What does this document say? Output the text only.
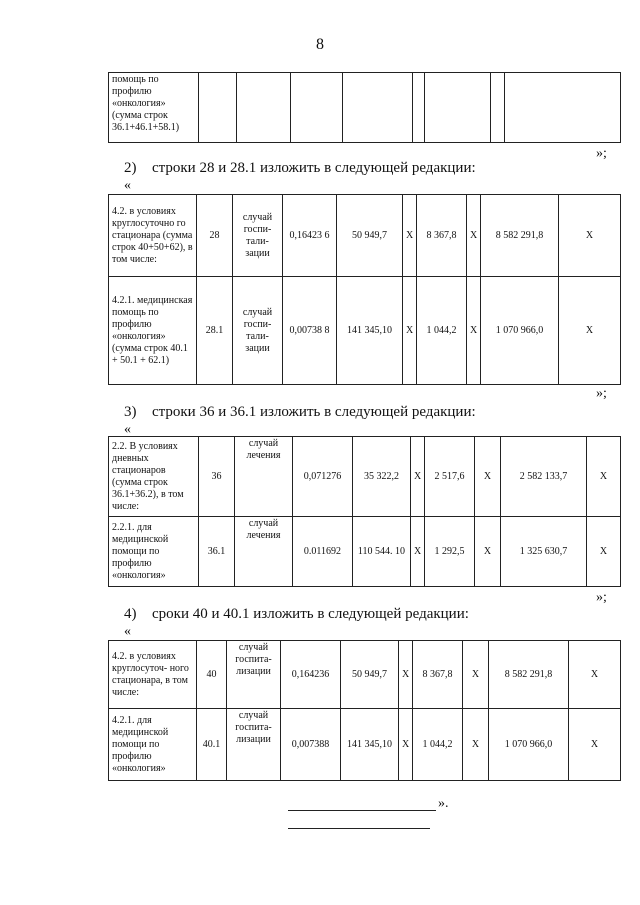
8
помощь по профилю «онкология» (сумма строк 36.1+46.1+58.1)								
»;
2) строки 28 и 28.1 изложить в следующей редакции:
«
4.2. в условиях круглосуточно го стационара (сумма строк 40+50+62), в том числе:	28	случай госпи- тали- зации	0,16423 6	50 949,7	X	8 367,8	X	8 582 291,8	X
4.2.1. медицинская помощь по профилю «онкология» (сумма строк 40.1 + 50.1 + 62.1)	28.1	случай госпи- тали- зации	0,00738 8	141 345,10	X	1 044,2	X	1 070 966,0	X
»;
3) строки 36 и 36.1 изложить в следующей редакции:
«
2.2. В условиях дневных стационаров (сумма строк 36.1+36.2), в том числе:	36	случай лечения	0,071276	35 322,2	X	2 517,6	X	2 582 133,7	X
2.2.1. для медицинской помощи по профилю «онкология»	36.1	случай лечения	0.011692	110 544. 10	X	1 292,5	X	1 325 630,7	X
»;
4) сроки 40 и 40.1 изложить в следующей редакции:
«
4.2. в условиях круглосуточ- ного стационара, в том числе:	40	случай госпита- лизации	0,164236	50 949,7	X	8 367,8	X	8 582 291,8	X
4.2.1. для медицинской помощи по профилю «онкология»	40.1	случай госпита- лизации	0,007388	141 345,10	X	1 044,2	X	1 070 966,0	X
».
